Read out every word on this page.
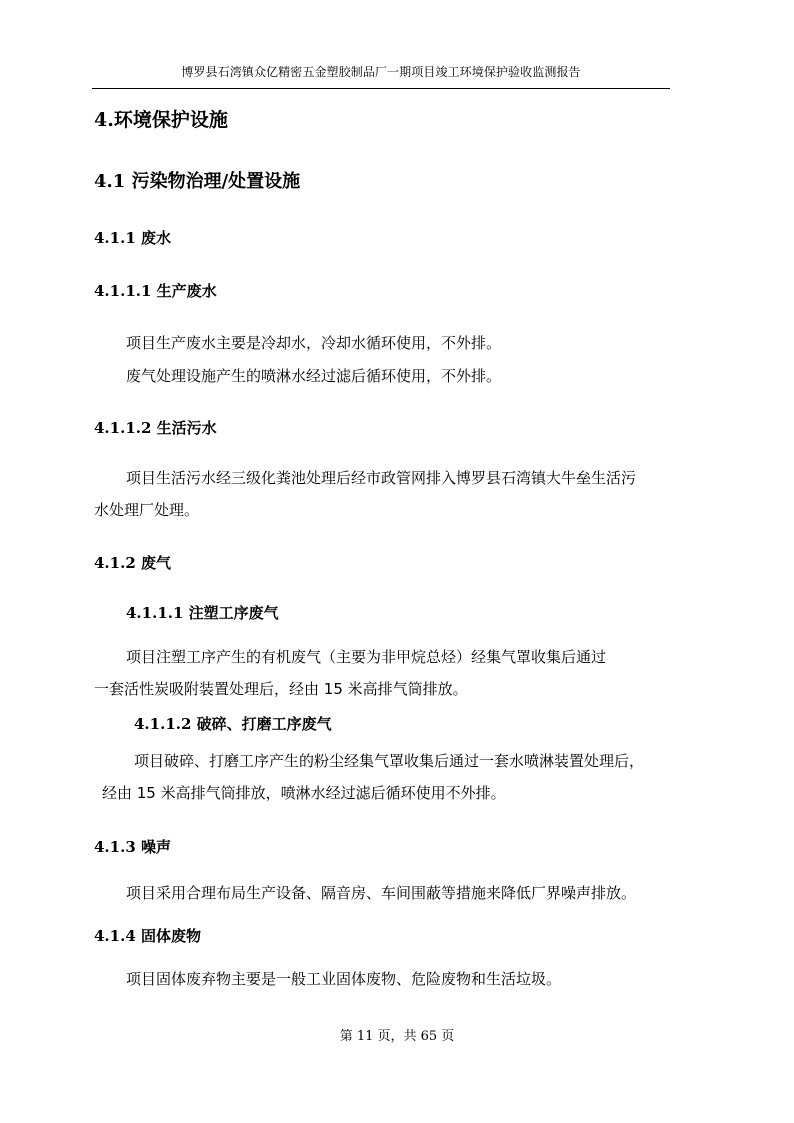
博罗县石湾镇众亿精密五金塑胶制品厂一期项目竣工环境保护验收监测报告
4.环境保护设施
4.1 污染物治理/处置设施
4.1.1 废水
4.1.1.1 生产废水
项目生产废水主要是冷却水，冷却水循环使用，不外排。
废气处理设施产生的喷淋水经过滤后循环使用，不外排。
4.1.1.2 生活污水
项目生活污水经三级化粪池处理后经市政管网排入博罗县石湾镇大牛垒生活污
水处理厂处理。
4.1.2 废气
4.1.1.1 注塑工序废气
项目注塑工序产生的有机废气（主要为非甲烷总烃）经集气罩收集后通过
一套活性炭吸附装置处理后，经由 15 米高排气筒排放。
4.1.1.2 破碎、打磨工序废气
项目破碎、打磨工序产生的粉尘经集气罩收集后通过一套水喷淋装置处理后，
经由 15 米高排气筒排放，喷淋水经过滤后循环使用不外排。
4.1.3 噪声
项目采用合理布局生产设备、隔音房、车间围蔽等措施来降低厂界噪声排放。
4.1.4 固体废物
项目固体废弃物主要是一般工业固体废物、危险废物和生活垃圾。
第 11 页，共 65 页
